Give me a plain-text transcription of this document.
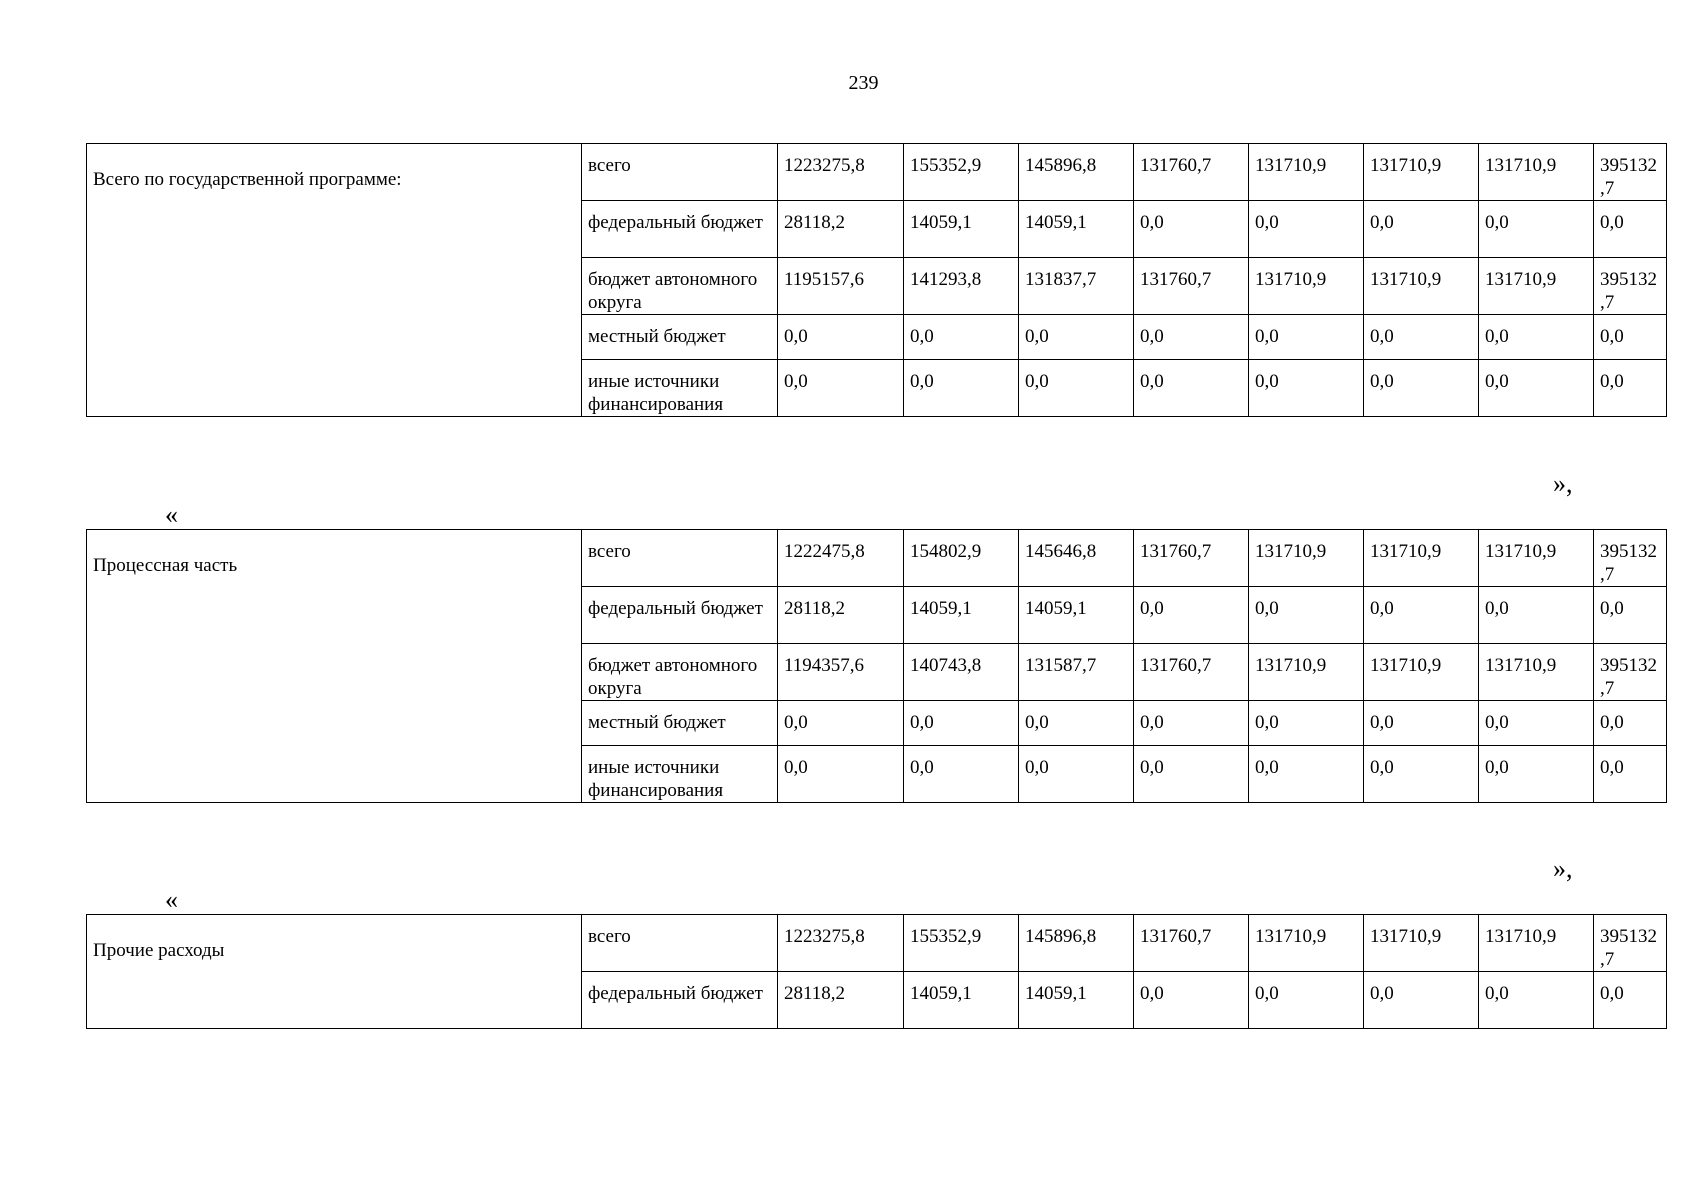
239
Всего по государственной программе:	всего	1223275,8	155352,9	145896,8	131760,7	131710,9	131710,9	131710,9	395132,7
	федеральный бюджет	28118,2	14059,1	14059,1	0,0	0,0	0,0	0,0	0,0
	бюджет автономного округа	1195157,6	141293,8	131837,7	131760,7	131710,9	131710,9	131710,9	395132,7
	местный бюджет	0,0	0,0	0,0	0,0	0,0	0,0	0,0	0,0
	иные источники финансирования	0,0	0,0	0,0	0,0	0,0	0,0	0,0	0,0
»,
«
Процессная часть	всего	1222475,8	154802,9	145646,8	131760,7	131710,9	131710,9	131710,9	395132,7
	федеральный бюджет	28118,2	14059,1	14059,1	0,0	0,0	0,0	0,0	0,0
	бюджет автономного округа	1194357,6	140743,8	131587,7	131760,7	131710,9	131710,9	131710,9	395132,7
	местный бюджет	0,0	0,0	0,0	0,0	0,0	0,0	0,0	0,0
	иные источники финансирования	0,0	0,0	0,0	0,0	0,0	0,0	0,0	0,0
»,
«
Прочие расходы	всего	1223275,8	155352,9	145896,8	131760,7	131710,9	131710,9	131710,9	395132,7
	федеральный бюджет	28118,2	14059,1	14059,1	0,0	0,0	0,0	0,0	0,0
